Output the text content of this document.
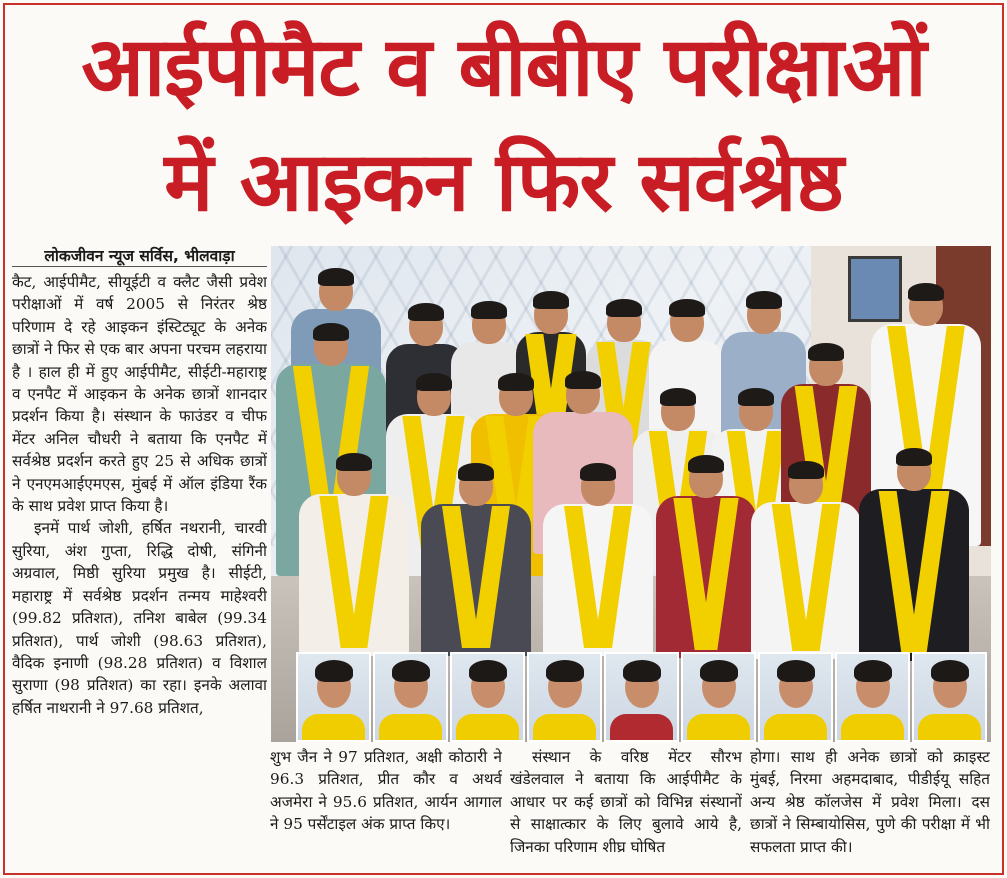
आईपीमैट व बीबीए परीक्षाओं
में आइकन फिर सर्वश्रेष्ठ
लोकजीवन न्यूज सर्विस, भीलवाड़ा

कैट, आईपीमैट, सीयूईटी व क्लैट जैसी प्रवेश परीक्षाओं में वर्ष 2005 से निरंतर श्रेष्ठ परिणाम दे रहे आइकन इंस्टिट्यूट के अनेक छात्रों ने फिर से एक बार अपना परचम लहराया है । हाल ही में हुए आईपीमैट, सीईटी-महाराष्ट्र व एनपैट में आइकन के अनेक छात्रों शानदार प्रदर्शन किया है। संस्थान के फाउंडर व चीफ मेंटर अनिल चौधरी ने बताया कि एनपैट में सर्वश्रेष्ठ प्रदर्शन करते हुए 25 से अधिक छात्रों ने एनएमआईएमएस, मुंबई में ऑल इंडिया रैंक के साथ प्रवेश प्राप्त किया है।

इनमें पार्थ जोशी, हर्षित नथरानी, चारवी सुरिया, अंश गुप्ता, रिद्धि दोषी, संगिनी अग्रवाल, मिष्ठी सुरिया प्रमुख है। सीईटी, महाराष्ट्र में सर्वश्रेष्ठ प्रदर्शन तन्मय माहेश्वरी (99.82 प्रतिशत), तनिश बाबेल (99.34 प्रतिशत), पार्थ जोशी (98.63 प्रतिशत), वैदिक इनाणी (98.28 प्रतिशत) व विशाल सुराणा (98 प्रतिशत) का रहा। इनके अलावा हर्षित नाथरानी ने 97.68 प्रतिशत,

शुभ जैन ने 97 प्रतिशत, अक्षी कोठारी ने 96.3 प्रतिशत, प्रीत कौर व अथर्व अजमेरा ने 95.6 प्रतिशत, आर्यन आगाल ने 95 पर्सेंटाइल अंक प्राप्त किए।

संस्थान के वरिष्ठ मेंटर सौरभ खंडेलवाल ने बताया कि आईपीमैट के आधार पर कई छात्रों को विभिन्न संस्थानों से साक्षात्कार के लिए बुलावे आये है, जिनका परिणाम शीघ्र घोषित

होगा। साथ ही अनेक छात्रों को क्राइस्ट मुंबई, निरमा अहमदाबाद, पीडीईयू सहित अन्य श्रेष्ठ कॉलजेस में प्रवेश मिला। दस छात्रों ने सिम्बायोसिस, पुणे की परीक्षा में भी सफलता प्राप्त की।
